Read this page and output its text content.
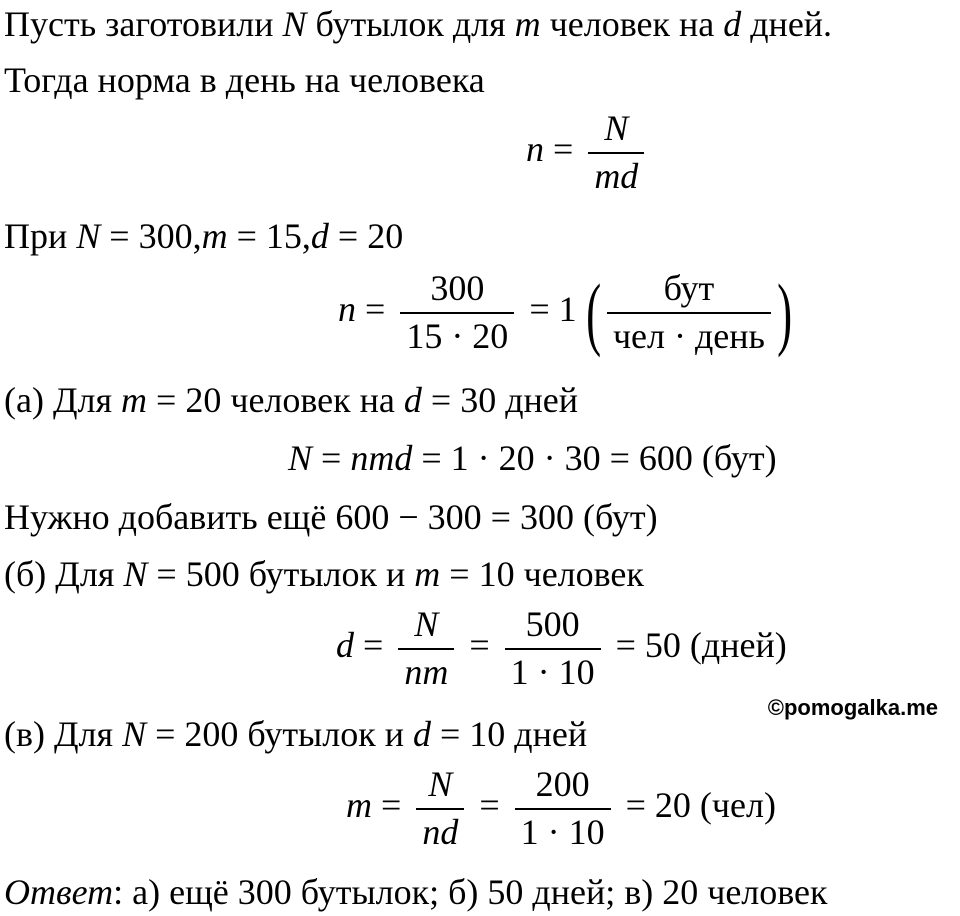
Пусть заготовили N бутылок для m человек на d дней.
Тогда норма в день на человека
$n = \frac{N}{md}$
При N = 300,m = 15,d = 20
$n = \frac{300}{15 \cdot 20} = 1$ ( $\frac{\text{бут}}{\text{чел · день}}$ )
(а) Для m = 20 человек на d = 30 дней
N = nmd = 1 · 20 · 30 = 600 (бут)
Нужно добавить ещё 600 − 300 = 300 (бут)
(б) Для N = 500 бутылок и m = 10 человек
$d = \frac{N}{nm} = \frac{500}{1 \cdot 10} = 50$ (дней)
(в) Для N = 200 бутылок и d = 10 дней
$m = \frac{N}{nd} = \frac{200}{1 \cdot 10} = 20$ (чел)
Ответ: а) ещё 300 бутылок; б) 50 дней; в) 20 человек
©pomogalka.me
